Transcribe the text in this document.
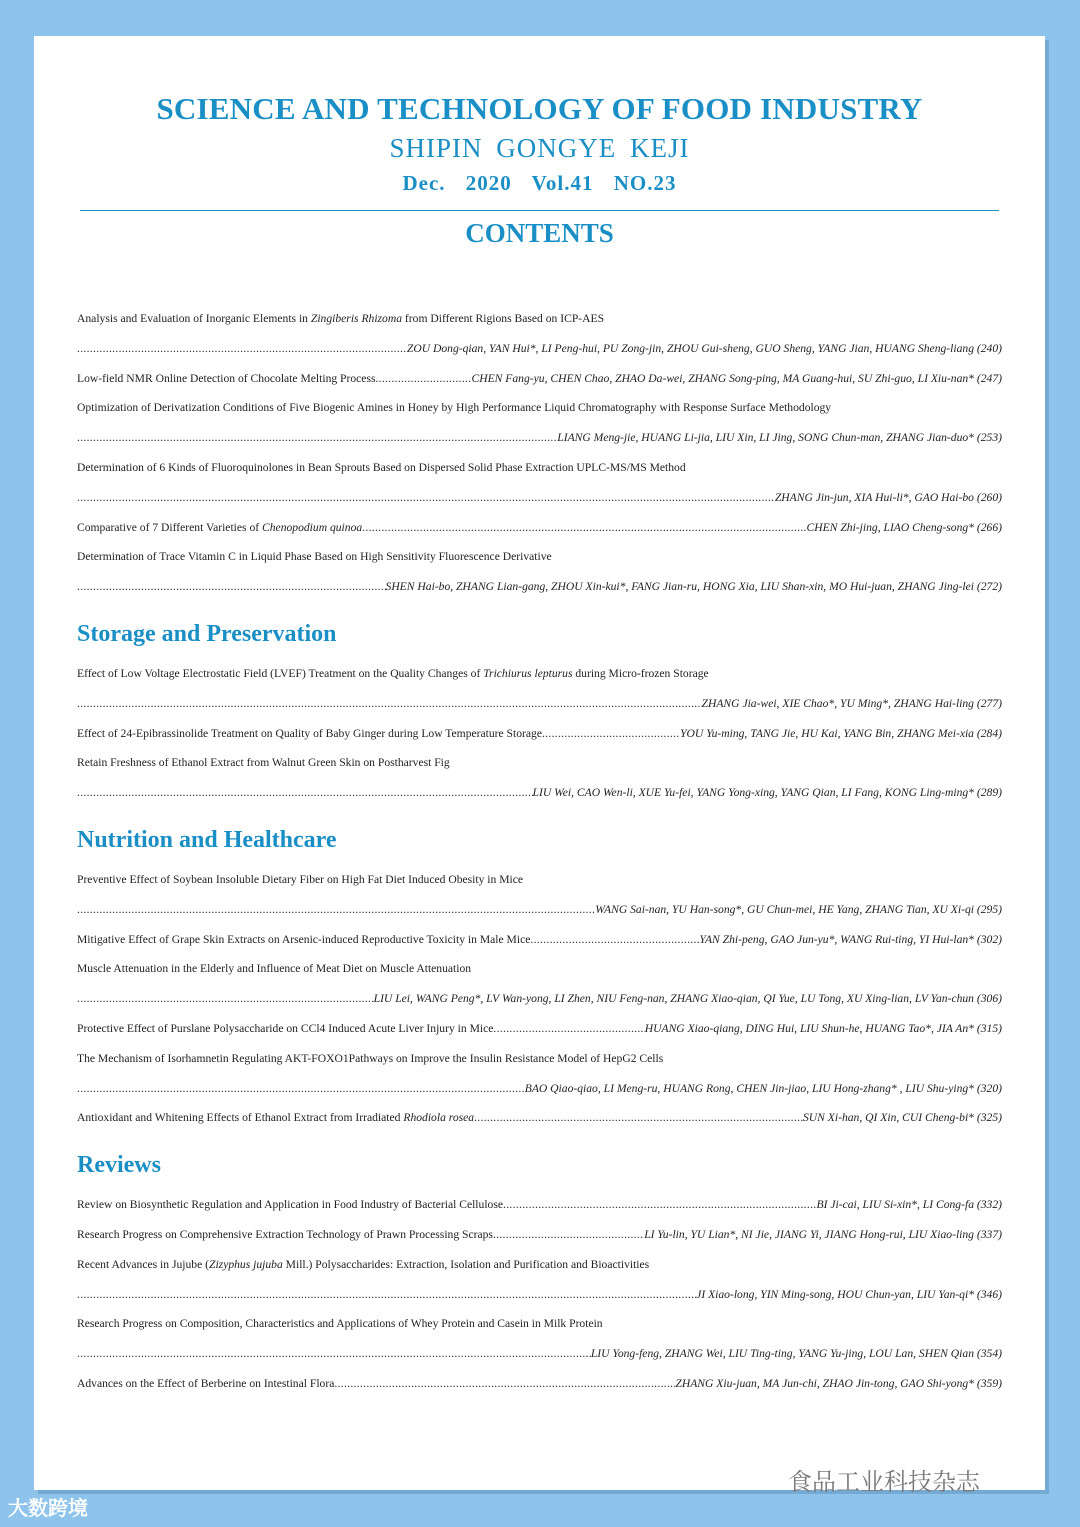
SCIENCE AND TECHNOLOGY OF FOOD INDUSTRY
SHIPIN GONGYE KEJI
Dec. 2020 Vol.41 NO.23
CONTENTS
Analysis and Evaluation of Inorganic Elements in Zingiberis Rhizoma from Different Rigions Based on ICP-AES
.....
ZOU Dong-qian, YAN Hui*, LI Peng-hui, PU Zong-jin, ZHOU Gui-sheng, GUO Sheng, YANG Jian, HUANG Sheng-liang (240)
Low-field NMR Online Detection of Chocolate Melting Process .....	CHEN Fang-yu, CHEN Chao, ZHAO Da-wei, ZHANG Song-ping, MA Guang-hui, SU Zhi-guo, LI Xiu-nan* (247)
Optimization of Derivatization Conditions of Five Biogenic Amines in Honey by High Performance Liquid Chromatography with Response Surface Methodology
.....
LIANG Meng-jie, HUANG Li-jia, LIU Xin, LI Jing, SONG Chun-man, ZHANG Jian-duo* (253)
Determination of 6 Kinds of Fluoroquinolones in Bean Sprouts Based on Dispersed Solid Phase Extraction UPLC-MS/MS Method
.....
ZHANG Jin-jun, XIA Hui-li*, GAO Hai-bo (260)
Comparative of 7 Different Varieties of Chenopodium quinoa .....	CHEN Zhi-jing, LIAO Cheng-song* (266)
Determination of Trace Vitamin C in Liquid Phase Based on High Sensitivity Fluorescence Derivative
.....
SHEN Hai-bo, ZHANG Lian-gang, ZHOU Xin-kui*, FANG Jian-ru, HONG Xia, LIU Shan-xin, MO Hui-juan, ZHANG Jing-lei (272)
Storage and Preservation
Effect of Low Voltage Electrostatic Field (LVEF) Treatment on the Quality Changes of Trichiurus lepturus during Micro-frozen Storage
.....
ZHANG Jia-wei, XIE Chao*, YU Ming*, ZHANG Hai-ling (277)
Effect of 24-Epibrassinolide Treatment on Quality of Baby Ginger during Low Temperature Storage .....	YOU Yu-ming, TANG Jie, HU Kai, YANG Bin, ZHANG Mei-xia (284)
Retain Freshness of Ethanol Extract from Walnut Green Skin on Postharvest Fig
.....
LIU Wei, CAO Wen-li, XUE Yu-fei, YANG Yong-xing, YANG Qian, LI Fang, KONG Ling-ming* (289)
Nutrition and Healthcare
Preventive Effect of Soybean Insoluble Dietary Fiber on High Fat Diet Induced Obesity in Mice
.....
WANG Sai-nan, YU Han-song*, GU Chun-mei, HE Yang, ZHANG Tian, XU Xi-qi (295)
Mitigative Effect of Grape Skin Extracts on Arsenic-induced Reproductive Toxicity in Male Mice .....	YAN Zhi-peng, GAO Jun-yu*, WANG Rui-ting, YI Hui-lan* (302)
Muscle Attenuation in the Elderly and Influence of Meat Diet on Muscle Attenuation
.....
LIU Lei, WANG Peng*, LV Wan-yong, LI Zhen, NIU Feng-nan, ZHANG Xiao-qian, QI Yue, LU Tong, XU Xing-lian, LV Yan-chun (306)
Protective Effect of Purslane Polysaccharide on CCl4 Induced Acute Liver Injury in Mice .....	HUANG Xiao-qiang, DING Hui, LIU Shun-he, HUANG Tao*, JIA An* (315)
The Mechanism of Isorhamnetin Regulating AKT-FOXO1Pathways on Improve the Insulin Resistance Model of HepG2 Cells
.....
BAO Qiao-qiao, LI Meng-ru, HUANG Rong, CHEN Jin-jiao, LIU Hong-zhang* , LIU Shu-ying* (320)
Antioxidant and Whitening Effects of Ethanol Extract from Irradiated Rhodiola rosea .....	SUN Xi-han, QI Xin, CUI Cheng-bi* (325)
Reviews
Review on Biosynthetic Regulation and Application in Food Industry of Bacterial Cellulose .....	BI Ji-cai, LIU Si-xin*, LI Cong-fa (332)
Research Progress on Comprehensive Extraction Technology of Prawn Processing Scraps .....	LI Yu-lin, YU Lian*, NI Jie, JIANG Yi, JIANG Hong-rui, LIU Xiao-ling (337)
Recent Advances in Jujube (Zizyphus jujuba Mill.) Polysaccharides: Extraction, Isolation and Purification and Bioactivities
.....
JI Xiao-long, YIN Ming-song, HOU Chun-yan, LIU Yan-qi* (346)
Research Progress on Composition, Characteristics and Applications of Whey Protein and Casein in Milk Protein
.....
LIU Yong-feng, ZHANG Wei, LIU Ting-ting, YANG Yu-jing, LOU Lan, SHEN Qian (354)
Advances on the Effect of Berberine on Intestinal Flora .....	ZHANG Xiu-juan, MA Jun-chi, ZHAO Jin-tong, GAO Shi-yong* (359)
大数跨境
食品工业科技杂志
